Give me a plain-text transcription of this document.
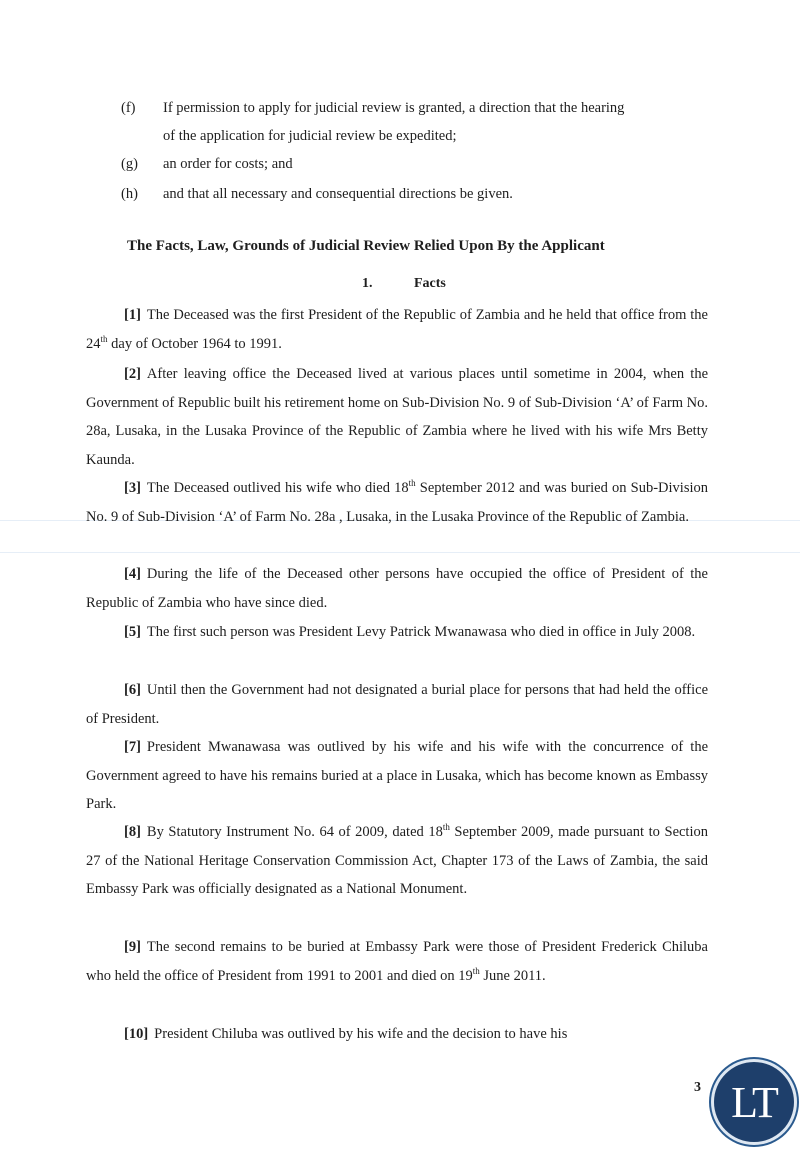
(f) If permission to apply for judicial review is granted, a direction that the hearing
of the application for judicial review be expedited;
(g) an order for costs; and
(h) and that all necessary and consequential directions be given.
The Facts, Law, Grounds of Judicial Review Relied Upon By the Applicant
1.	Facts
[1] The Deceased was the first President of the Republic of Zambia and he held that office from the 24th day of October 1964 to 1991.
[2] After leaving office the Deceased lived at various places until sometime in 2004, when the Government of Republic built his retirement home on Sub-Division No. 9 of Sub-Division ‘A’ of Farm No. 28a, Lusaka, in the Lusaka Province of the Republic of Zambia where he lived with his wife Mrs Betty Kaunda.
[3] The Deceased outlived his wife who died 18th September 2012 and was buried on Sub-Division No. 9 of Sub-Division ‘A’ of Farm No. 28a , Lusaka, in the Lusaka Province of the Republic of Zambia.
[4] During the life of the Deceased other persons have occupied the office of President of the Republic of Zambia who have since died.
[5] The first such person was President Levy Patrick Mwanawasa who died in office in July 2008.
[6] Until then the Government had not designated a burial place for persons that had held the office of President.
[7] President Mwanawasa was outlived by his wife and his wife with the concurrence of the Government agreed to have his remains buried at a place in Lusaka, which has become known as Embassy Park.
[8] By Statutory Instrument No. 64 of 2009, dated 18th September 2009, made pursuant to Section 27 of the National Heritage Conservation Commission Act, Chapter 173 of the Laws of Zambia, the said Embassy Park was officially designated as a National Monument.
[9] The second remains to be buried at Embassy Park were those of President Frederick Chiluba who held the office of President from 1991 to 2001 and died on 19th June 2011.
[10] President Chiluba was outlived by his wife and the decision to have his
3 LT
